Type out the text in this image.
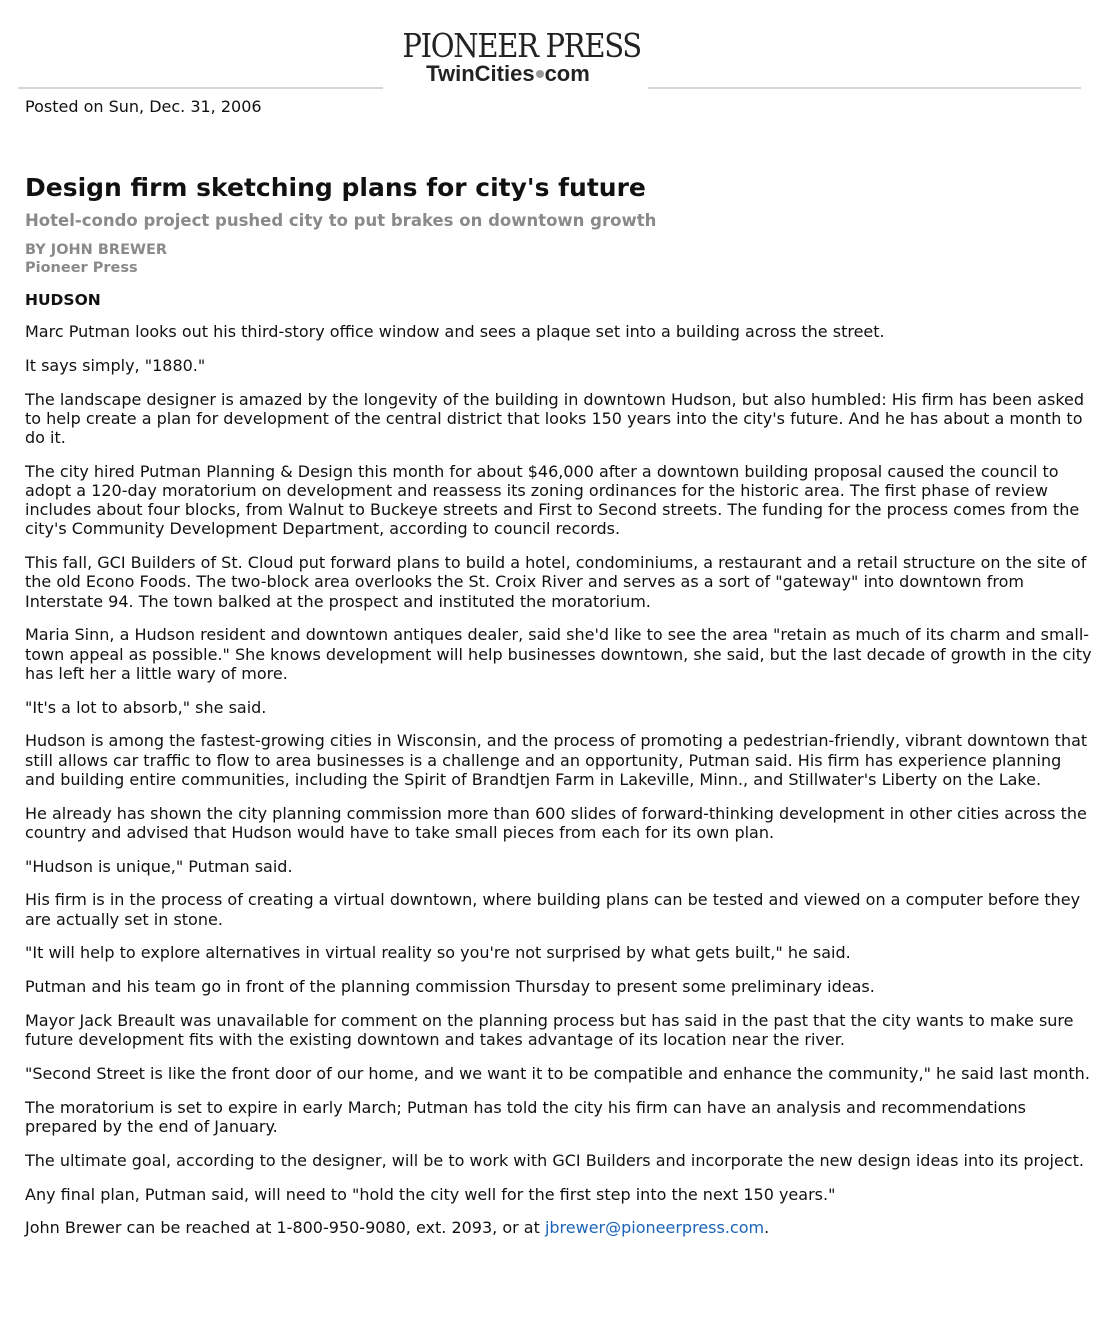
PIONEER PRESS
TwinCities com

Posted on Sun, Dec. 31, 2006

Design firm sketching plans for city's future
Hotel-condo project pushed city to put brakes on downtown growth
BY JOHN BREWER
Pioneer Press
HUDSON

Marc Putman looks out his third-story office window and sees a plaque set into a building across the street.

It says simply, "1880."

The landscape designer is amazed by the longevity of the building in downtown Hudson, but also humbled: His firm has been asked to help create a plan for development of the central district that looks 150 years into the city's future. And he has about a month to do it.

The city hired Putman Planning & Design this month for about $46,000 after a downtown building proposal caused the council to adopt a 120-day moratorium on development and reassess its zoning ordinances for the historic area. The first phase of review includes about four blocks, from Walnut to Buckeye streets and First to Second streets. The funding for the process comes from the city's Community Development Department, according to council records.

This fall, GCI Builders of St. Cloud put forward plans to build a hotel, condominiums, a restaurant and a retail structure on the site of the old Econo Foods. The two-block area overlooks the St. Croix River and serves as a sort of "gateway" into downtown from Interstate 94. The town balked at the prospect and instituted the moratorium.

Maria Sinn, a Hudson resident and downtown antiques dealer, said she'd like to see the area "retain as much of its charm and small-town appeal as possible." She knows development will help businesses downtown, she said, but the last decade of growth in the city has left her a little wary of more.

"It's a lot to absorb," she said.

Hudson is among the fastest-growing cities in Wisconsin, and the process of promoting a pedestrian-friendly, vibrant downtown that still allows car traffic to flow to area businesses is a challenge and an opportunity, Putman said. His firm has experience planning and building entire communities, including the Spirit of Brandtjen Farm in Lakeville, Minn., and Stillwater's Liberty on the Lake.

He already has shown the city planning commission more than 600 slides of forward-thinking development in other cities across the country and advised that Hudson would have to take small pieces from each for its own plan.

"Hudson is unique," Putman said.

His firm is in the process of creating a virtual downtown, where building plans can be tested and viewed on a computer before they are actually set in stone.

"It will help to explore alternatives in virtual reality so you're not surprised by what gets built," he said.

Putman and his team go in front of the planning commission Thursday to present some preliminary ideas.

Mayor Jack Breault was unavailable for comment on the planning process but has said in the past that the city wants to make sure future development fits with the existing downtown and takes advantage of its location near the river.

"Second Street is like the front door of our home, and we want it to be compatible and enhance the community," he said last month.

The moratorium is set to expire in early March; Putman has told the city his firm can have an analysis and recommendations prepared by the end of January.

The ultimate goal, according to the designer, will be to work with GCI Builders and incorporate the new design ideas into its project.

Any final plan, Putman said, will need to "hold the city well for the first step into the next 150 years."

John Brewer can be reached at 1-800-950-9080, ext. 2093, or at jbrewer@pioneerpress.com.
